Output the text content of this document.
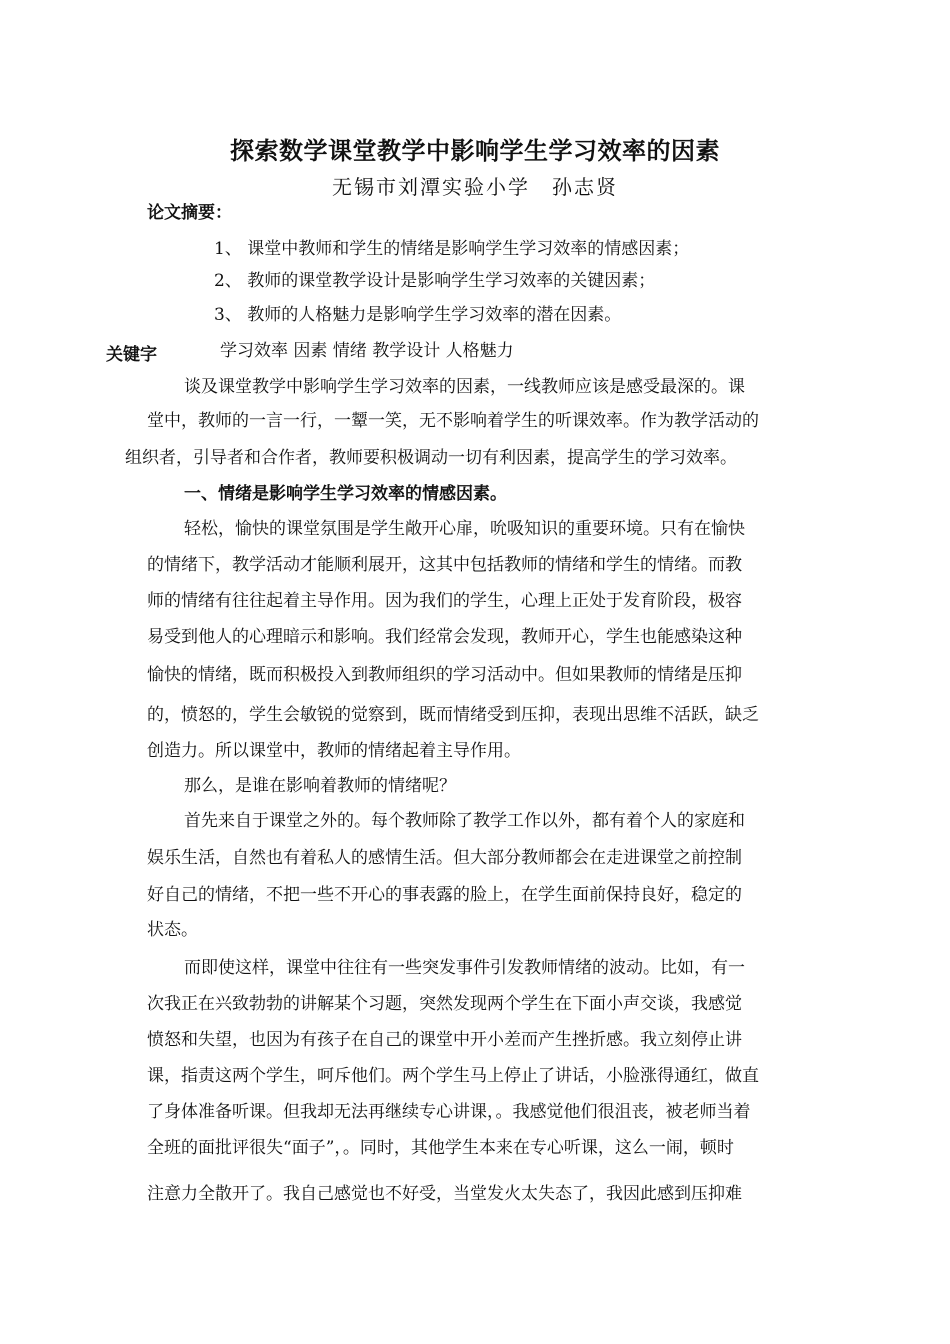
探索数学课堂教学中影响学生学习效率的因素
无锡市刘潭实验小学　孙志贤
论文摘要：
1、 课堂中教师和学生的情绪是影响学生学习效率的情感因素；
2、 教师的课堂教学设计是影响学生学习效率的关键因素；
3、 教师的人格魅力是影响学生学习效率的潜在因素。
关键字	学习效率 因素 情绪 教学设计 人格魅力
谈及课堂教学中影响学生学习效率的因素，一线教师应该是感受最深的。课
堂中，教师的一言一行，一颦一笑，无不影响着学生的听课效率。作为教学活动的
组织者，引导者和合作者，教师要积极调动一切有利因素，提高学生的学习效率。
一、情绪是影响学生学习效率的情感因素。
轻松，愉快的课堂氛围是学生敞开心扉，吮吸知识的重要环境。只有在愉快
的情绪下，教学活动才能顺利展开，这其中包括教师的情绪和学生的情绪。而教
师的情绪有往往起着主导作用。因为我们的学生，心理上正处于发育阶段，极容
易受到他人的心理暗示和影响。我们经常会发现，教师开心，学生也能感染这种
愉快的情绪，既而积极投入到教师组织的学习活动中。但如果教师的情绪是压抑
的，愤怒的，学生会敏锐的觉察到，既而情绪受到压抑，表现出思维不活跃，缺乏
创造力。所以课堂中，教师的情绪起着主导作用。
那么，是谁在影响着教师的情绪呢？
首先来自于课堂之外的。每个教师除了教学工作以外，都有着个人的家庭和
娱乐生活，自然也有着私人的感情生活。但大部分教师都会在走进课堂之前控制
好自己的情绪，不把一些不开心的事表露的脸上，在学生面前保持良好，稳定的
状态。
而即使这样，课堂中往往有一些突发事件引发教师情绪的波动。比如，有一
次我正在兴致勃勃的讲解某个习题，突然发现两个学生在下面小声交谈，我感觉
愤怒和失望，也因为有孩子在自己的课堂中开小差而产生挫折感。我立刻停止讲
课，指责这两个学生，呵斥他们。两个学生马上停止了讲话，小脸涨得通红，做直
了身体准备听课。但我却无法再继续专心讲课，。我感觉他们很沮丧，被老师当着
全班的面批评很失“面子”，。同时，其他学生本来在专心听课，这么一闹，顿时
注意力全散开了。我自己感觉也不好受，当堂发火太失态了，我因此感到压抑难
